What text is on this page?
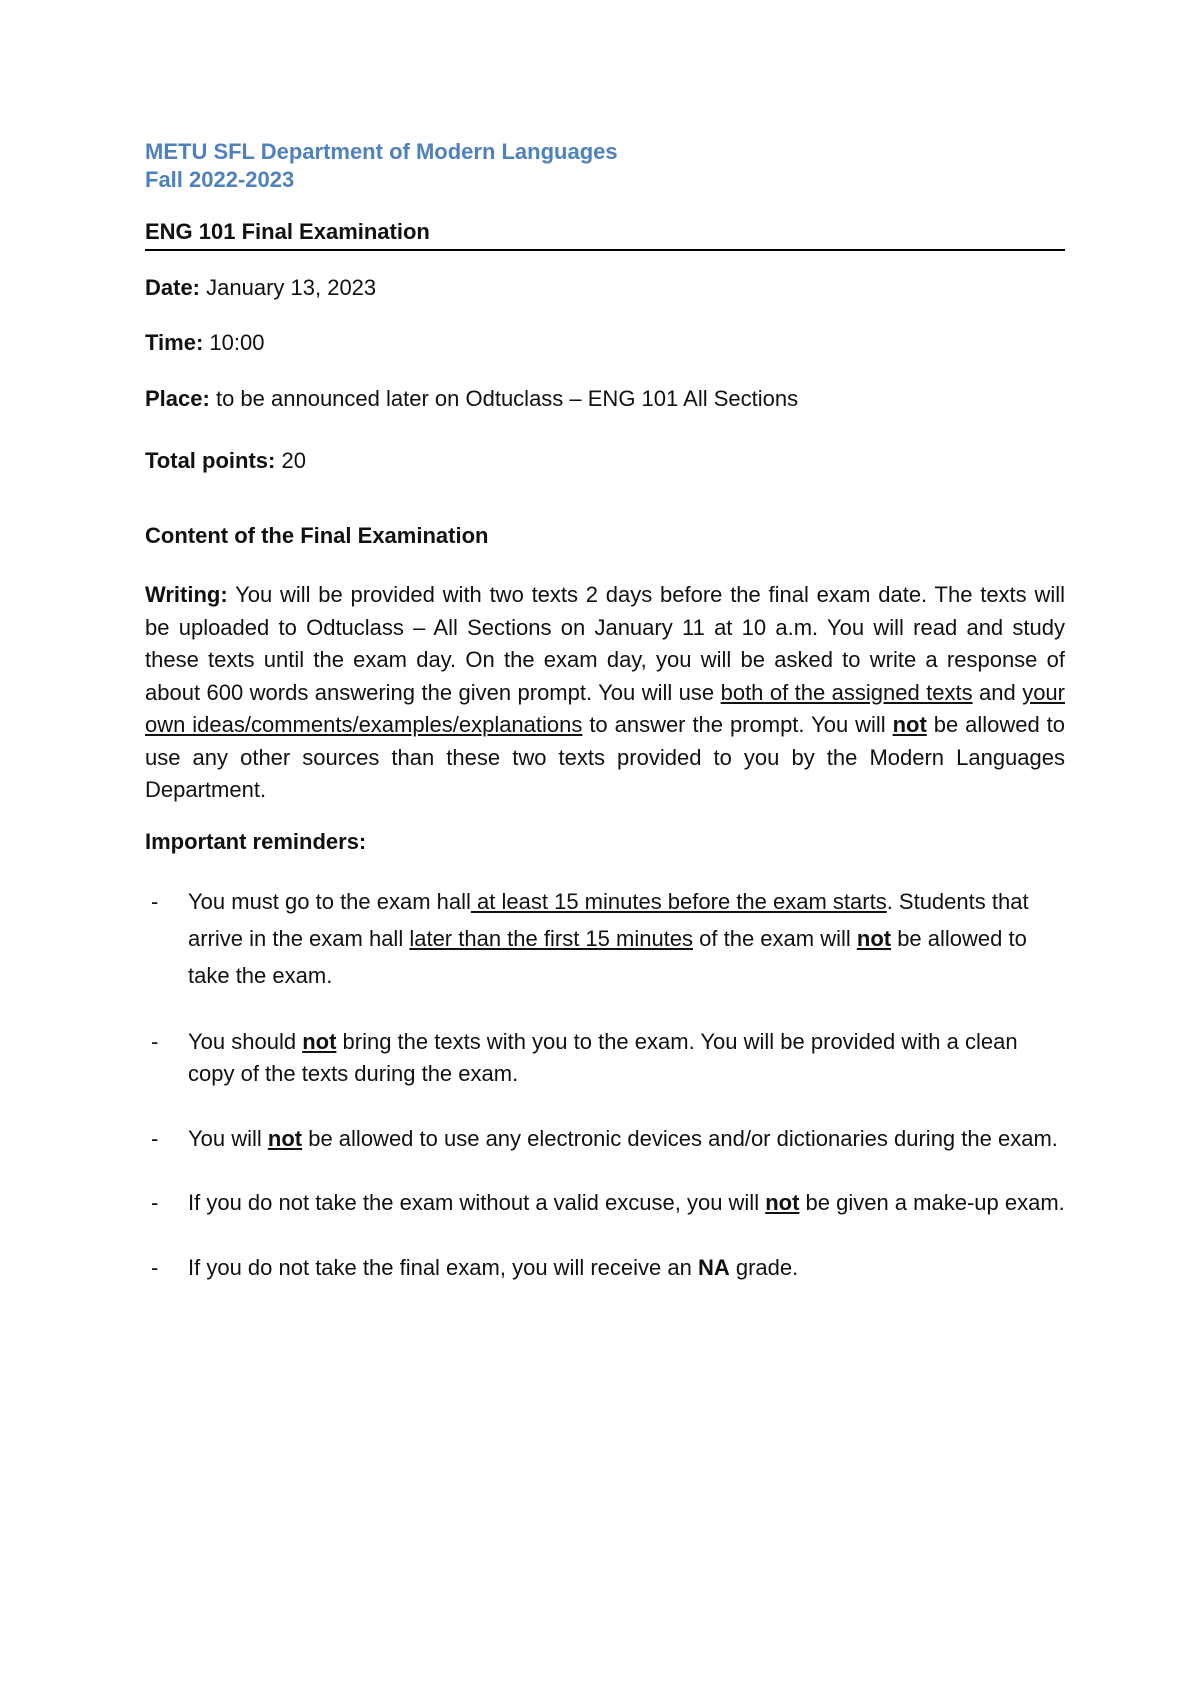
METU SFL Department of Modern Languages

Fall 2022-2023

ENG 101 Final Examination

Date: January 13, 2023

Time: 10:00

Place: to be announced later on Odtuclass – ENG 101 All Sections

Total points: 20

Content of the Final Examination
Writing: You will be provided with two texts 2 days before the final exam date. The texts will be uploaded to Odtuclass – All Sections on January 11 at 10 a.m. You will read and study these texts until the exam day. On the exam day, you will be asked to write a response of about 600 words answering the given prompt. You will use both of the assigned texts and your own ideas/comments/examples/explanations to answer the prompt. You will not be allowed to use any other sources than these two texts provided to you by the Modern Languages Department.
Important reminders:
- You must go to the exam hall at least 15 minutes before the exam starts. Students that arrive in the exam hall later than the first 15 minutes of the exam will not be allowed to take the exam.
- You should not bring the texts with you to the exam. You will be provided with a clean copy of the texts during the exam.
- You will not be allowed to use any electronic devices and/or dictionaries during the exam.
- If you do not take the exam without a valid excuse, you will not be given a make-up exam.
- If you do not take the final exam, you will receive an NA grade.
